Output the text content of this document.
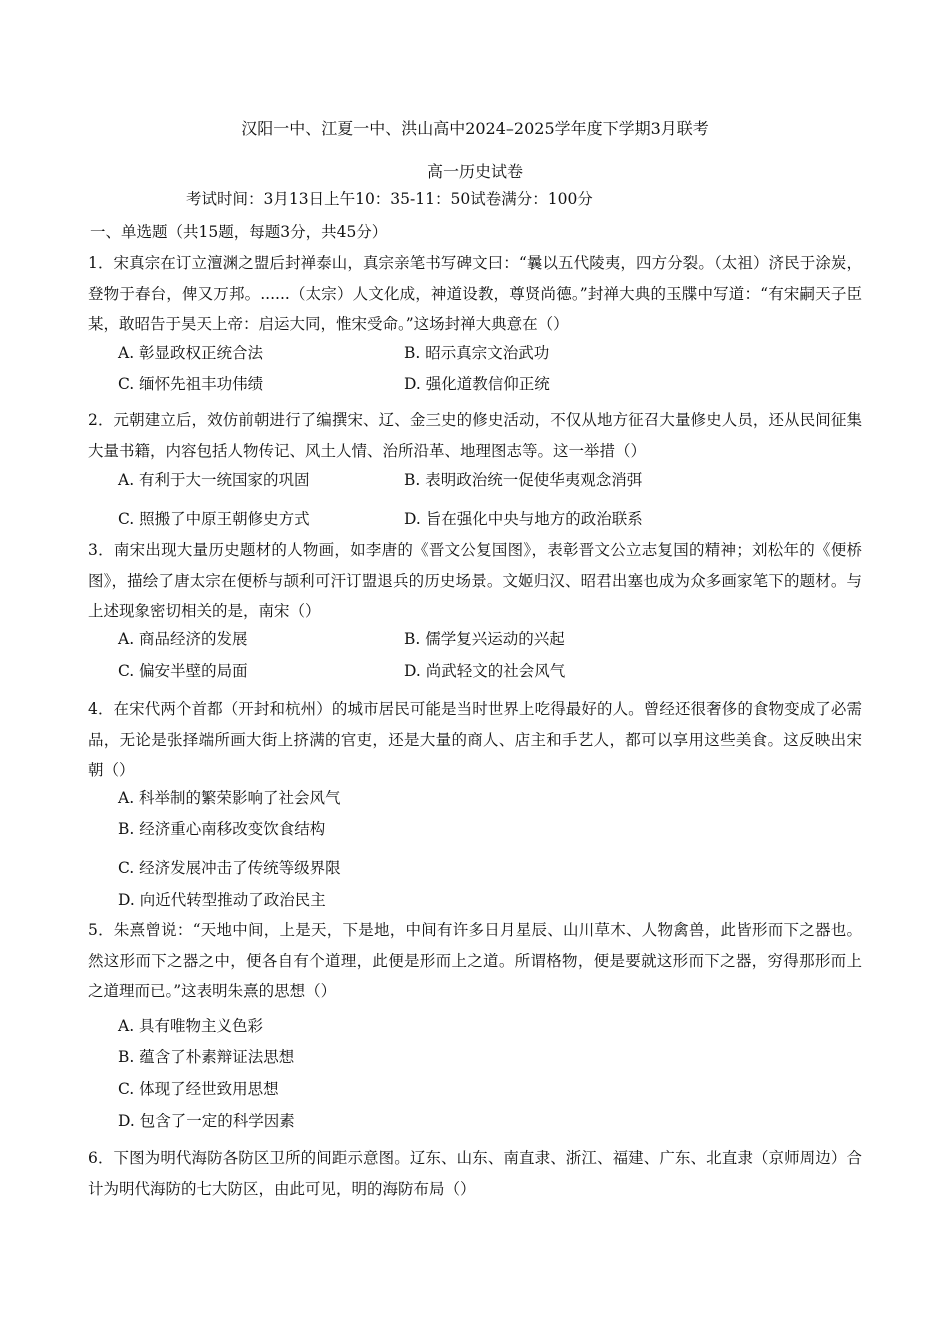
汉阳一中、江夏一中、洪山高中2024–2025学年度下学期3月联考
高一历史试卷
考试时间：3月13日上午10：35-11：50试卷满分：100分
一、单选题（共15题，每题3分，共45分）
1．宋真宗在订立澶渊之盟后封禅泰山，真宗亲笔书写碑文曰：“曩以五代陵夷，四方分裂。（太祖）济民于涂炭，登物于春台，俾又万邦。......（太宗）人文化成，神道设教，尊贤尚德。”封禅大典的玉牒中写道：“有宋嗣天子臣某，敢昭告于昊天上帝：启运大同，惟宋受命。”这场封禅大典意在（）
A. 彰显政权正统合法	B. 昭示真宗文治武功
C. 缅怀先祖丰功伟绩	D. 强化道教信仰正统
2．元朝建立后，效仿前朝进行了编撰宋、辽、金三史的修史活动，不仅从地方征召大量修史人员，还从民间征集大量书籍，内容包括人物传记、风土人情、治所沿革、地理图志等。这一举措（）
A. 有利于大一统国家的巩固	B. 表明政治统一促使华夷观念消弭
C. 照搬了中原王朝修史方式	D. 旨在强化中央与地方的政治联系
3．南宋出现大量历史题材的人物画，如李唐的《晋文公复国图》，表彰晋文公立志复国的精神；刘松年的《便桥图》，描绘了唐太宗在便桥与颉利可汗订盟退兵的历史场景。文姬归汉、昭君出塞也成为众多画家笔下的题材。与上述现象密切相关的是，南宋（）
A. 商品经济的发展	B. 儒学复兴运动的兴起
C. 偏安半壁的局面	D. 尚武轻文的社会风气
4．在宋代两个首都（开封和杭州）的城市居民可能是当时世界上吃得最好的人。曾经还很奢侈的食物变成了必需品，无论是张择端所画大街上挤满的官吏，还是大量的商人、店主和手艺人，都可以享用这些美食。这反映出宋朝（）
A. 科举制的繁荣影响了社会风气
B. 经济重心南移改变饮食结构
C. 经济发展冲击了传统等级界限
D. 向近代转型推动了政治民主
5．朱熹曾说：“天地中间，上是天，下是地，中间有许多日月星辰、山川草木、人物禽兽，此皆形而下之器也。然这形而下之器之中，便各自有个道理，此便是形而上之道。所谓格物，便是要就这形而下之器，穷得那形而上之道理而已。”这表明朱熹的思想（）
A. 具有唯物主义色彩
B. 蕴含了朴素辩证法思想
C. 体现了经世致用思想
D. 包含了一定的科学因素
6．下图为明代海防各防区卫所的间距示意图。辽东、山东、南直隶、浙江、福建、广东、北直隶（京师周边）合计为明代海防的七大防区，由此可见，明的海防布局（）
